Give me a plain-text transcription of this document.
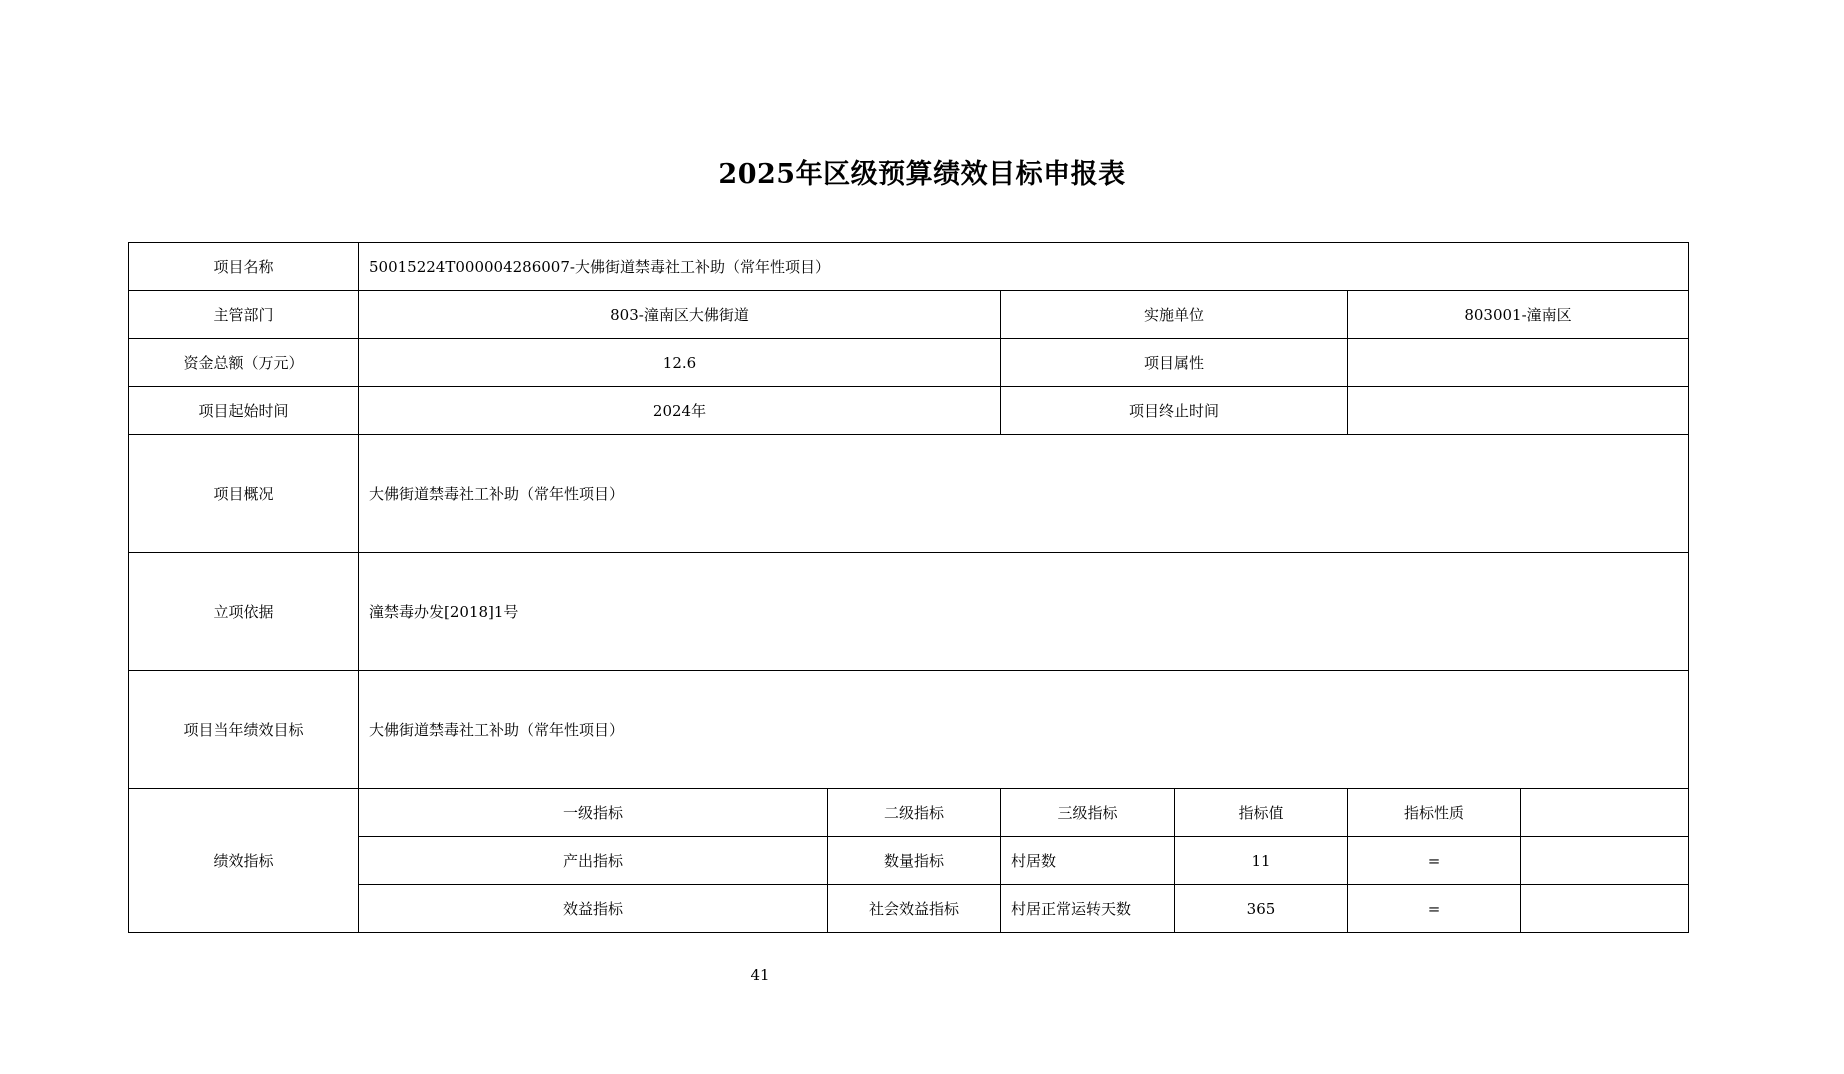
2025年区级预算绩效目标申报表
项目名称	50015224T000004286007-大佛街道禁毒社工补助（常年性项目）					
主管部门	803-潼南区大佛街道		实施单位		803001-潼南区	
资金总额（万元）	12.6		项目属性			
项目起始时间	2024年		项目终止时间			
项目概况	大佛街道禁毒社工补助（常年性项目）					
立项依据	潼禁毒办发[2018]1号					
项目当年绩效目标	大佛街道禁毒社工补助（常年性项目）					
绩效指标	一级指标	二级指标	三级指标	指标值	指标性质	
	产出指标	数量指标	村居数	11	=	
	效益指标	社会效益指标	村居正常运转天数	365	=	
41
